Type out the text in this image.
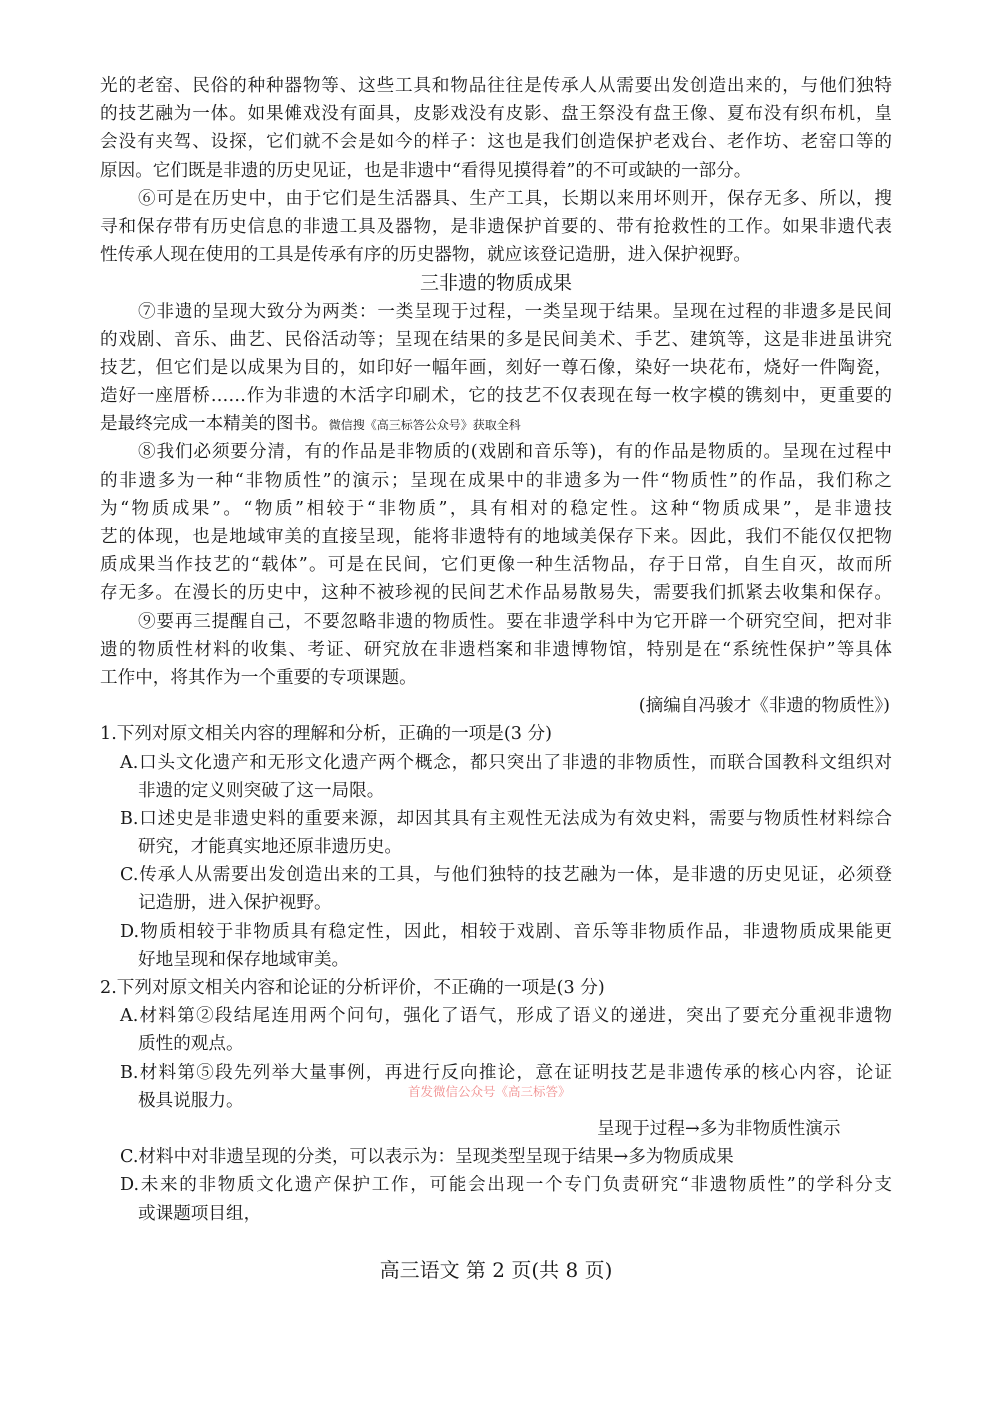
光的老窑、民俗的种种器物等、这些工具和物品往往是传承人从需要出发创造出来的，与他们独特
的技艺融为一体。如果傩戏没有面具，皮影戏没有皮影、盘王祭没有盘王像、夏布没有织布机，皇
会没有夹驾、设探，它们就不会是如今的样子：这也是我们创造保护老戏台、老作坊、老窑口等的
原因。它们既是非遗的历史见证，也是非遗中“看得见摸得着”的不可或缺的一部分。
⑥可是在历史中，由于它们是生活器具、生产工具，长期以来用坏则开，保存无多、所以，搜
寻和保存带有历史信息的非遗工具及器物，是非遗保护首要的、带有抢救性的工作。如果非遗代表
性传承人现在使用的工具是传承有序的历史器物，就应该登记造册，进入保护视野。
三非遗的物质成果
⑦非遗的呈现大致分为两类：一类呈现于过程，一类呈现于结果。呈现在过程的非遗多是民间
的戏剧、音乐、曲艺、民俗活动等；呈现在结果的多是民间美术、手艺、建筑等，这是非进虽讲究
技艺，但它们是以成果为目的，如印好一幅年画，刻好一尊石像，染好一块花布，烧好一件陶瓷，
造好一座厝桥……作为非遗的木活字印刷术，它的技艺不仅表现在每一枚字模的镌刻中，更重要的
是最终完成一本精美的图书。微信搜《高三标答公众号》获取全科
⑧我们必须要分清，有的作品是非物质的(戏剧和音乐等)，有的作品是物质的。呈现在过程中
的非遗多为一种“非物质性”的演示；呈现在成果中的非遗多为一件“物质性”的作品，我们称之
为“物质成果”。“物质”相较于“非物质”，具有相对的稳定性。这种“物质成果”，是非遗技
艺的体现，也是地域审美的直接呈现，能将非遗特有的地域美保存下来。因此，我们不能仅仅把物
质成果当作技艺的“载体”。可是在民间，它们更像一种生活物品，存于日常，自生自灭，故而所
存无多。在漫长的历史中，这种不被珍视的民间艺术作品易散易失，需要我们抓紧去收集和保存。
⑨要再三提醒自己，不要忽略非遗的物质性。要在非遗学科中为它开辟一个研究空间，把对非
遗的物质性材料的收集、考证、研究放在非遗档案和非遗博物馆，特别是在“系统性保护”等具体
工作中，将其作为一个重要的专项课题。
(摘编自冯骏才《非遗的物质性》)
1.下列对原文相关内容的理解和分析，正确的一项是(3 分)
A.口头文化遗产和无形文化遗产两个概念，都只突出了非遗的非物质性，而联合国教科文组织对
非遗的定义则突破了这一局限。
B.口述史是非遗史料的重要来源，却因其具有主观性无法成为有效史料，需要与物质性材料综合
研究，才能真实地还原非遗历史。
C.传承人从需要出发创造出来的工具，与他们独特的技艺融为一体，是非遗的历史见证，必须登
记造册，进入保护视野。
D.物质相较于非物质具有稳定性，因此，相较于戏剧、音乐等非物质作品，非遗物质成果能更
好地呈现和保存地域审美。
2.下列对原文相关内容和论证的分析评价，不正确的一项是(3 分)
A.材料第②段结尾连用两个问句，强化了语气，形成了语义的递进，突出了要充分重视非遗物
质性的观点。
B.材料第⑤段先列举大量事例，再进行反向推论，意在证明技艺是非遗传承的核心内容，论证
极具说服力。
呈现于过程→多为非物质性演示
C.材料中对非遗呈现的分类，可以表示为：呈现类型呈现于结果→多为物质成果
D.未来的非物质文化遗产保护工作，可能会出现一个专门负责研究“非遗物质性”的学科分支
或课题项目组，
首发微信公众号《高三标答》
高三语文 第 2 页(共 8 页)
